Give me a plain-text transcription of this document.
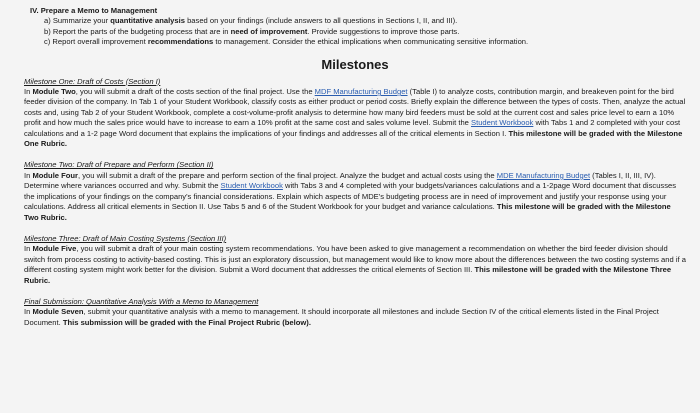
IV. Prepare a Memo to Management
a) Summarize your quantitative analysis based on your findings (include answers to all questions in Sections I, II, and III).
b) Report the parts of the budgeting process that are in need of improvement. Provide suggestions to improve those parts.
c) Report overall improvement recommendations to management. Consider the ethical implications when communicating sensitive information.
Milestones
Milestone One: Draft of Costs (Section I)
In Module Two, you will submit a draft of the costs section of the final project. Use the MDF Manufacturing Budget (Table I) to analyze costs, contribution margin, and breakeven point for the bird feeder division of the company. In Tab 1 of your Student Workbook, classify costs as either product or period costs. Briefly explain the difference between the types of costs. Then, analyze the actual costs and, using Tab 2 of your Student Workbook, complete a cost-volume-profit analysis to determine how many bird feeders must be sold at the current cost and sales price level to earn a 10% profit and how much the sales price would have to increase to earn a 10% profit at the same cost and sales volume level. Submit the Student Workbook with Tabs 1 and 2 completed with your cost calculations and a 1-2 page Word document that explains the implications of your findings and addresses all of the critical elements in Section I. This milestone will be graded with the Milestone One Rubric.
Milestone Two: Draft of Prepare and Perform (Section II)
In Module Four, you will submit a draft of the prepare and perform section of the final project. Analyze the budget and actual costs using the MDE Manufacturing Budget (Tables I, II, III, IV). Determine where variances occurred and why. Submit the Student Workbook with Tabs 3 and 4 completed with your budgets/variances calculations and a 1-2page Word document that discusses the implications of your findings on the company's financial considerations. Explain which aspects of MDE's budgeting process are in need of improvement and justify your response using your calculations. Address all critical elements in Section II. Use Tabs 5 and 6 of the Student Workbook for your budget and variance calculations. This milestone will be graded with the Milestone Two Rubric.
Milestone Three: Draft of Main Costing Systems (Section III)
In Module Five, you will submit a draft of your main costing system recommendations. You have been asked to give management a recommendation on whether the bird feeder division should switch from process costing to activity-based costing. This is just an exploratory discussion, but management would like to know more about the differences between the two costing systems and if a different costing system might work better for the division. Submit a Word document that addresses the critical elements of Section III. This milestone will be graded with the Milestone Three Rubric.
Final Submission: Quantitative Analysis With a Memo to Management
In Module Seven, submit your quantitative analysis with a memo to management. It should incorporate all milestones and include Section IV of the critical elements listed in the Final Project Document. This submission will be graded with the Final Project Rubric (below).
